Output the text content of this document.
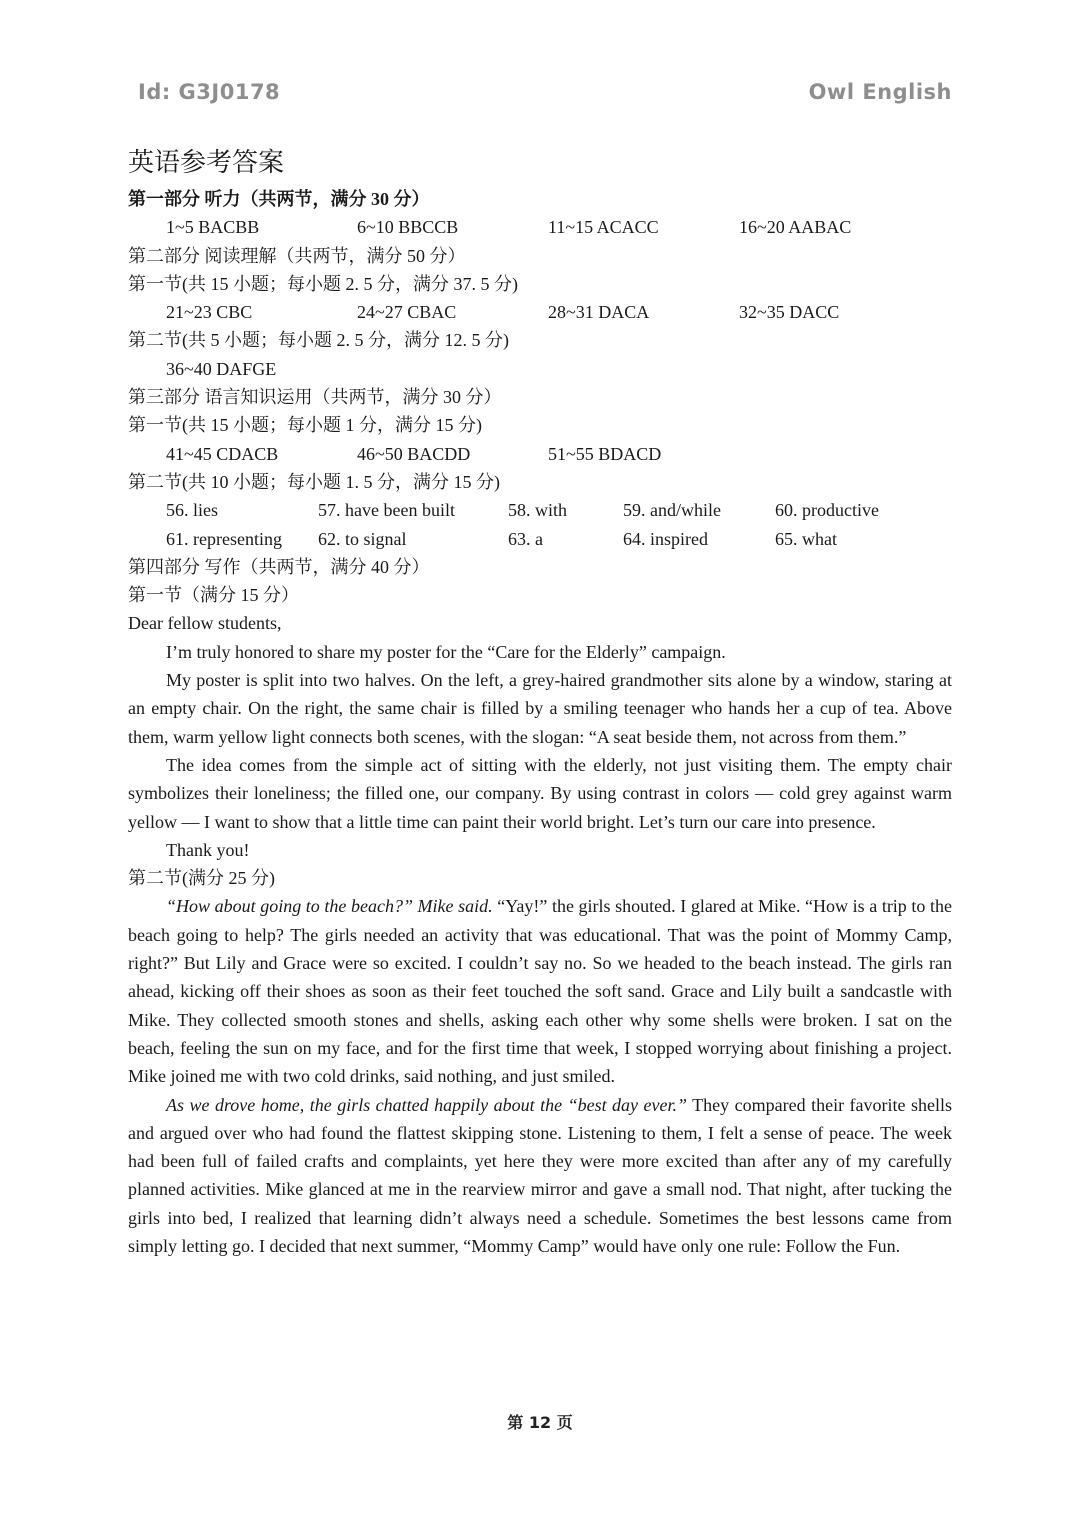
Id: G3J0178	Owl English
英语参考答案
第一部分 听力（共两节，满分 30 分）
1~5 BACBB	6~10 BBCCB	11~15 ACACC	16~20 AABAC
第二部分 阅读理解（共两节，满分 50 分）
第一节(共 15 小题；每小题 2. 5 分，满分 37. 5 分)
21~23 CBC	24~27 CBAC	28~31 DACA	32~35 DACC
第二节(共 5 小题；每小题 2. 5 分，满分 12. 5 分)
36~40 DAFGE
第三部分 语言知识运用（共两节，满分 30 分）
第一节(共 15 小题；每小题 1 分，满分 15 分)
41~45 CDACB	46~50 BACDD	51~55 BDACD
第二节(共 10 小题；每小题 1. 5 分，满分 15 分)
56. lies	57. have been built	58. with	59. and/while	60. productive
61. representing	62. to signal	63. a	64. inspired	65. what
第四部分 写作（共两节，满分 40 分）
第一节（满分 15 分）

Dear fellow students,

I’m truly honored to share my poster for the “Care for the Elderly” campaign.

My poster is split into two halves. On the left, a grey-haired grandmother sits alone by a window, staring at an empty chair. On the right, the same chair is filled by a smiling teenager who hands her a cup of tea. Above them, warm yellow light connects both scenes, with the slogan: “A seat beside them, not across from them.”

The idea comes from the simple act of sitting with the elderly, not just visiting them. The empty chair symbolizes their loneliness; the filled one, our company. By using contrast in colors — cold grey against warm yellow — I want to show that a little time can paint their world bright. Let’s turn our care into presence.

Thank you!

第二节(满分 25 分)

“How about going to the beach?” Mike said. “Yay!” the girls shouted. I glared at Mike. “How is a trip to the beach going to help? The girls needed an activity that was educational. That was the point of Mommy Camp, right?” But Lily and Grace were so excited. I couldn’t say no. So we headed to the beach instead. The girls ran ahead, kicking off their shoes as soon as their feet touched the soft sand. Grace and Lily built a sandcastle with Mike. They collected smooth stones and shells, asking each other why some shells were broken. I sat on the beach, feeling the sun on my face, and for the first time that week, I stopped worrying about finishing a project. Mike joined me with two cold drinks, said nothing, and just smiled.

As we drove home, the girls chatted happily about the “best day ever.” They compared their favorite shells and argued over who had found the flattest skipping stone. Listening to them, I felt a sense of peace. The week had been full of failed crafts and complaints, yet here they were more excited than after any of my carefully planned activities. Mike glanced at me in the rearview mirror and gave a small nod. That night, after tucking the girls into bed, I realized that learning didn’t always need a schedule. Sometimes the best lessons came from simply letting go. I decided that next summer, “Mommy Camp” would have only one rule: Follow the Fun.

第 12 页
